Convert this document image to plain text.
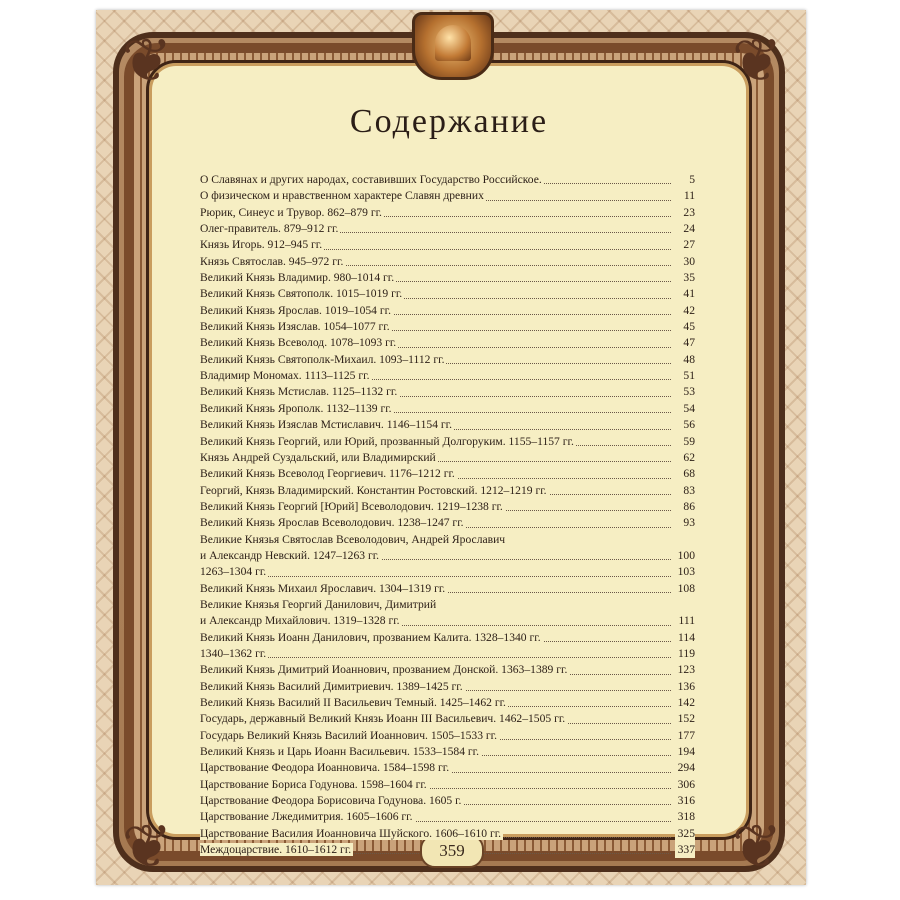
❦	❦
❦	❦
Содержание
О Славянах и других народах, составивших Государство Российское.	5
О физическом и нравственном характере Славян древних	11
Рюрик, Синеус и Трувор. 862–879 гг.	23
Олег-правитель. 879–912 гг.	24
Князь Игорь. 912–945 гг.	27
Князь Святослав. 945–972 гг.	30
Великий Князь Владимир. 980–1014 гг.	35
Великий Князь Святополк. 1015–1019 гг.	41
Великий Князь Ярослав. 1019–1054 гг.	42
Великий Князь Изяслав. 1054–1077 гг.	45
Великий Князь Всеволод. 1078–1093 гг.	47
Великий Князь Святополк-Михаил. 1093–1112 гг.	48
Владимир Мономах. 1113–1125 гг.	51
Великий Князь Мстислав. 1125–1132 гг.	53
Великий Князь Ярополк. 1132–1139 гг.	54
Великий Князь Изяслав Мстиславич. 1146–1154 гг.	56
Великий Князь Георгий, или Юрий, прозванный Долгоруким. 1155–1157 гг.	59
Князь Андрей Суздальский, или Владимирский	62
Великий Князь Всеволод Георгиевич. 1176–1212 гг.	68
Георгий, Князь Владимирский. Константин Ростовский. 1212–1219 гг.	83
Великий Князь Георгий [Юрий] Всеволодович. 1219–1238 гг.	86
Великий Князь Ярослав Всеволодович. 1238–1247 гг.	93
Великие Князья Святослав Всеволодович, Андрей Ярославич
и Александр Невский. 1247–1263 гг.	100
1263–1304 гг.	103
Великий Князь Михаил Ярославич. 1304–1319 гг.	108
Великие Князья Георгий Данилович, Димитрий
и Александр Михайлович. 1319–1328 гг.	111
Великий Князь Иоанн Данилович, прозванием Калита. 1328–1340 гг.	114
1340–1362 гг.	119
Великий Князь Димитрий Иоаннович, прозванием Донской. 1363–1389 гг.	123
Великий Князь Василий Димитриевич. 1389–1425 гг.	136
Великий Князь Василий II Васильевич Темный. 1425–1462 гг.	142
Государь, державный Великий Князь Иоанн III Васильевич. 1462–1505 гг.	152
Государь Великий Князь Василий Иоаннович. 1505–1533 гг.	177
Великий Князь и Царь Иоанн Васильевич. 1533–1584 гг.	194
Царствование Феодора Иоанновича. 1584–1598 гг.	294
Царствование Бориса Годунова. 1598–1604 гг.	306
Царствование Феодора Борисовича Годунова. 1605 г.	316
Царствование Лжедимитрия. 1605–1606 гг.	318
Царствование Василия Иоанновича Шуйского. 1606–1610 гг.	325
Междоцарствие. 1610–1612 гг.	337
359
